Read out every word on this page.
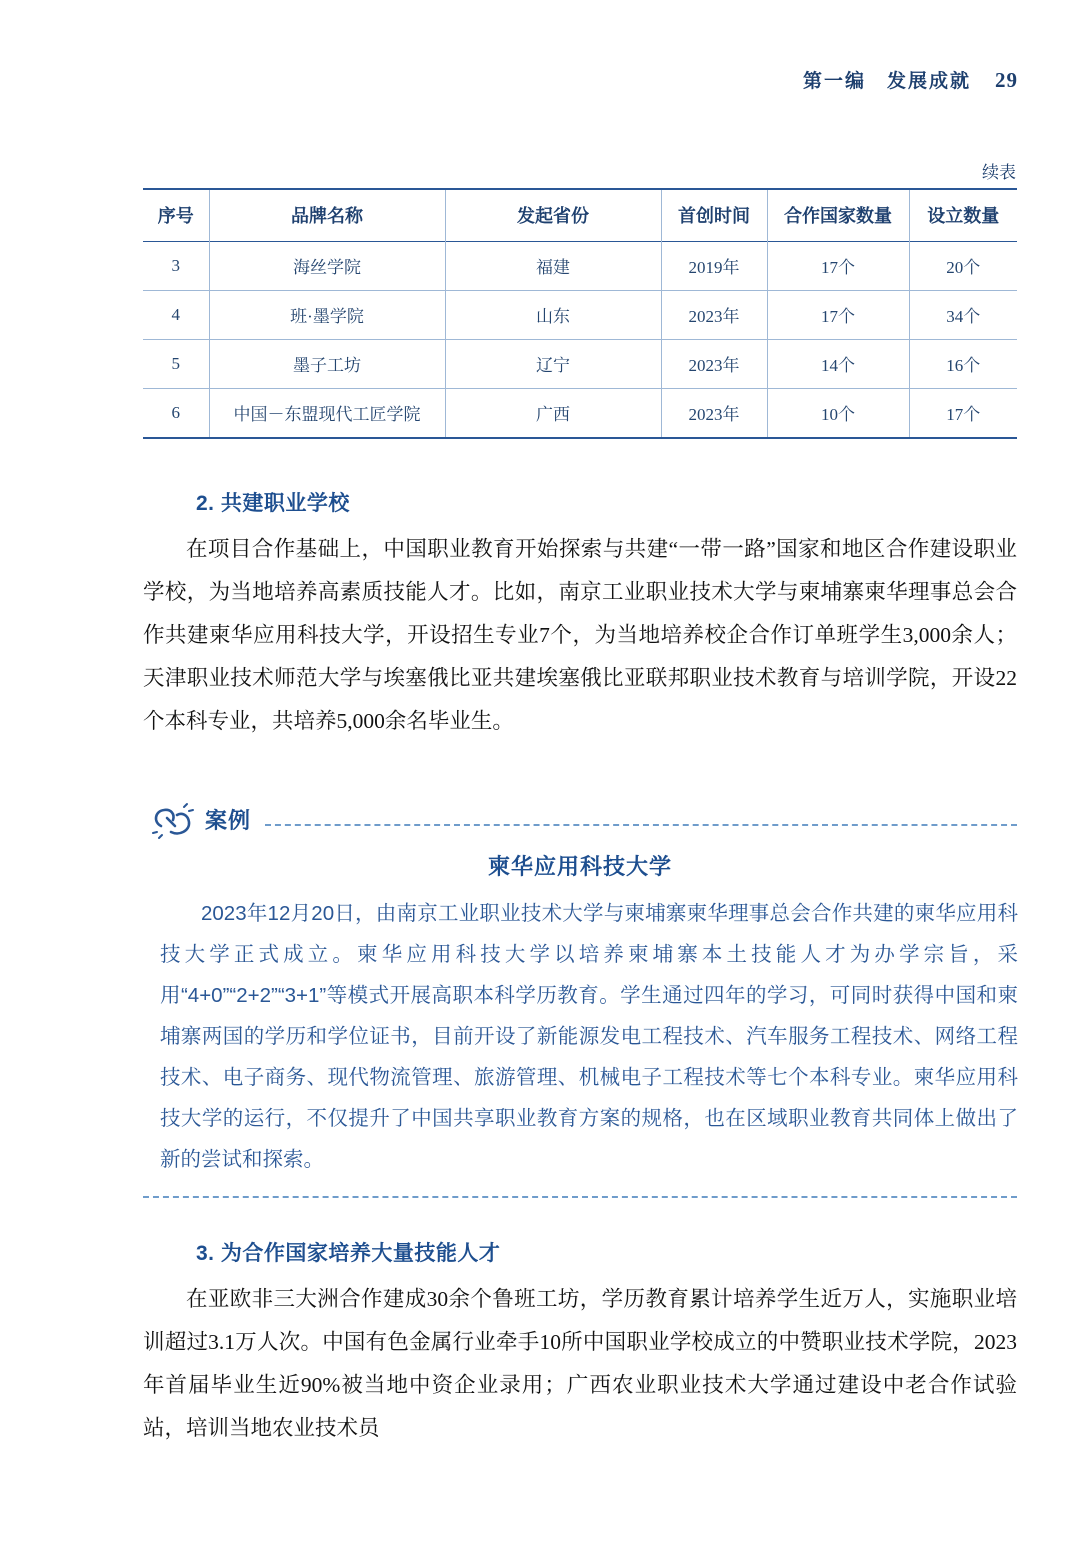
第一编　发展成就 29
续表
序号	品牌名称	发起省份	首创时间	合作国家数量	设立数量
3	海丝学院	福建	2019年	17个	20个
4	班·墨学院	山东	2023年	17个	34个
5	墨子工坊	辽宁	2023年	14个	16个
6	中国－东盟现代工匠学院	广西	2023年	10个	17个
2. 共建职业学校
在项目合作基础上，中国职业教育开始探索与共建“一带一路”国家和地区合作建设职业学校，为当地培养高素质技能人才。比如，南京工业职业技术大学与柬埔寨柬华理事总会合作共建柬华应用科技大学，开设招生专业7个，为当地培养校企合作订单班学生3,000余人；天津职业技术师范大学与埃塞俄比亚共建埃塞俄比亚联邦职业技术教育与培训学院，开设22个本科专业，共培养5,000余名毕业生。
案例
柬华应用科技大学
2023年12月20日，由南京工业职业技术大学与柬埔寨柬华理事总会合作共建的柬华应用科技大学正式成立。柬华应用科技大学以培养柬埔寨本土技能人才为办学宗旨，采用“4+0”“2+2”“3+1”等模式开展高职本科学历教育。学生通过四年的学习，可同时获得中国和柬埔寨两国的学历和学位证书，目前开设了新能源发电工程技术、汽车服务工程技术、网络工程技术、电子商务、现代物流管理、旅游管理、机械电子工程技术等七个本科专业。柬华应用科技大学的运行，不仅提升了中国共享职业教育方案的规格，也在区域职业教育共同体上做出了新的尝试和探索。
3. 为合作国家培养大量技能人才
在亚欧非三大洲合作建成30余个鲁班工坊，学历教育累计培养学生近万人，实施职业培训超过3.1万人次。中国有色金属行业牵手10所中国职业学校成立的中赞职业技术学院，2023年首届毕业生近90%被当地中资企业录用；广西农业职业技术大学通过建设中老合作试验站，培训当地农业技术员
